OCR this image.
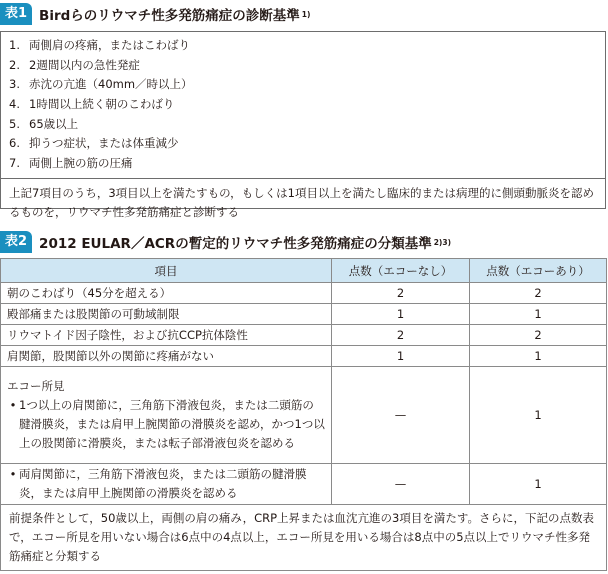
表1 Birdらのリウマチ性多発筋痛症の診断基準 1)
1. 両側肩の疼痛，またはこわばり
2. 2週間以内の急性発症
3. 赤沈の亢進（40mm／時以上）
4. 1時間以上続く朝のこわばり
5. 65歳以上
6. 抑うつ症状，または体重減少
7. 両側上腕の筋の圧痛
上記7項目のうち，3項目以上を満たすもの，もしくは1項目以上を満たし臨床的または病理的に側頭動脈炎を認めるものを，リウマチ性多発筋痛症と診断する
表2 2012 EULAR／ACRの暫定的リウマチ性多発筋痛症の分類基準 2)3)
項目	点数（エコーなし）	点数（エコーあり）
朝のこわばり（45分を超える）	2	2
殿部痛または股関節の可動域制限	1	1
リウマトイド因子陰性，および抗CCP抗体陰性	2	2
肩関節，股関節以外の関節に疼痛がない	1	1

エコー所見
• 1つ以上の肩関節に，三角筋下滑液包炎，または二頭筋の腱滑膜炎，または肩甲上腕関節の滑膜炎を認め，かつ1つ以上の股関節に滑膜炎，または転子部滑液包炎を認める	—	1

• 両肩関節に，三角筋下滑液包炎，または二頭筋の腱滑膜炎，または肩甲上腕関節の滑膜炎を認める	—	1
前提条件として，50歳以上，両側の肩の痛み，CRP上昇または血沈亢進の3項目を満たす。さらに，下記の点数表で，エコー所見を用いない場合は6点中の4点以上，エコー所見を用いる場合は8点中の5点以上でリウマチ性多発筋痛症と分類する		
